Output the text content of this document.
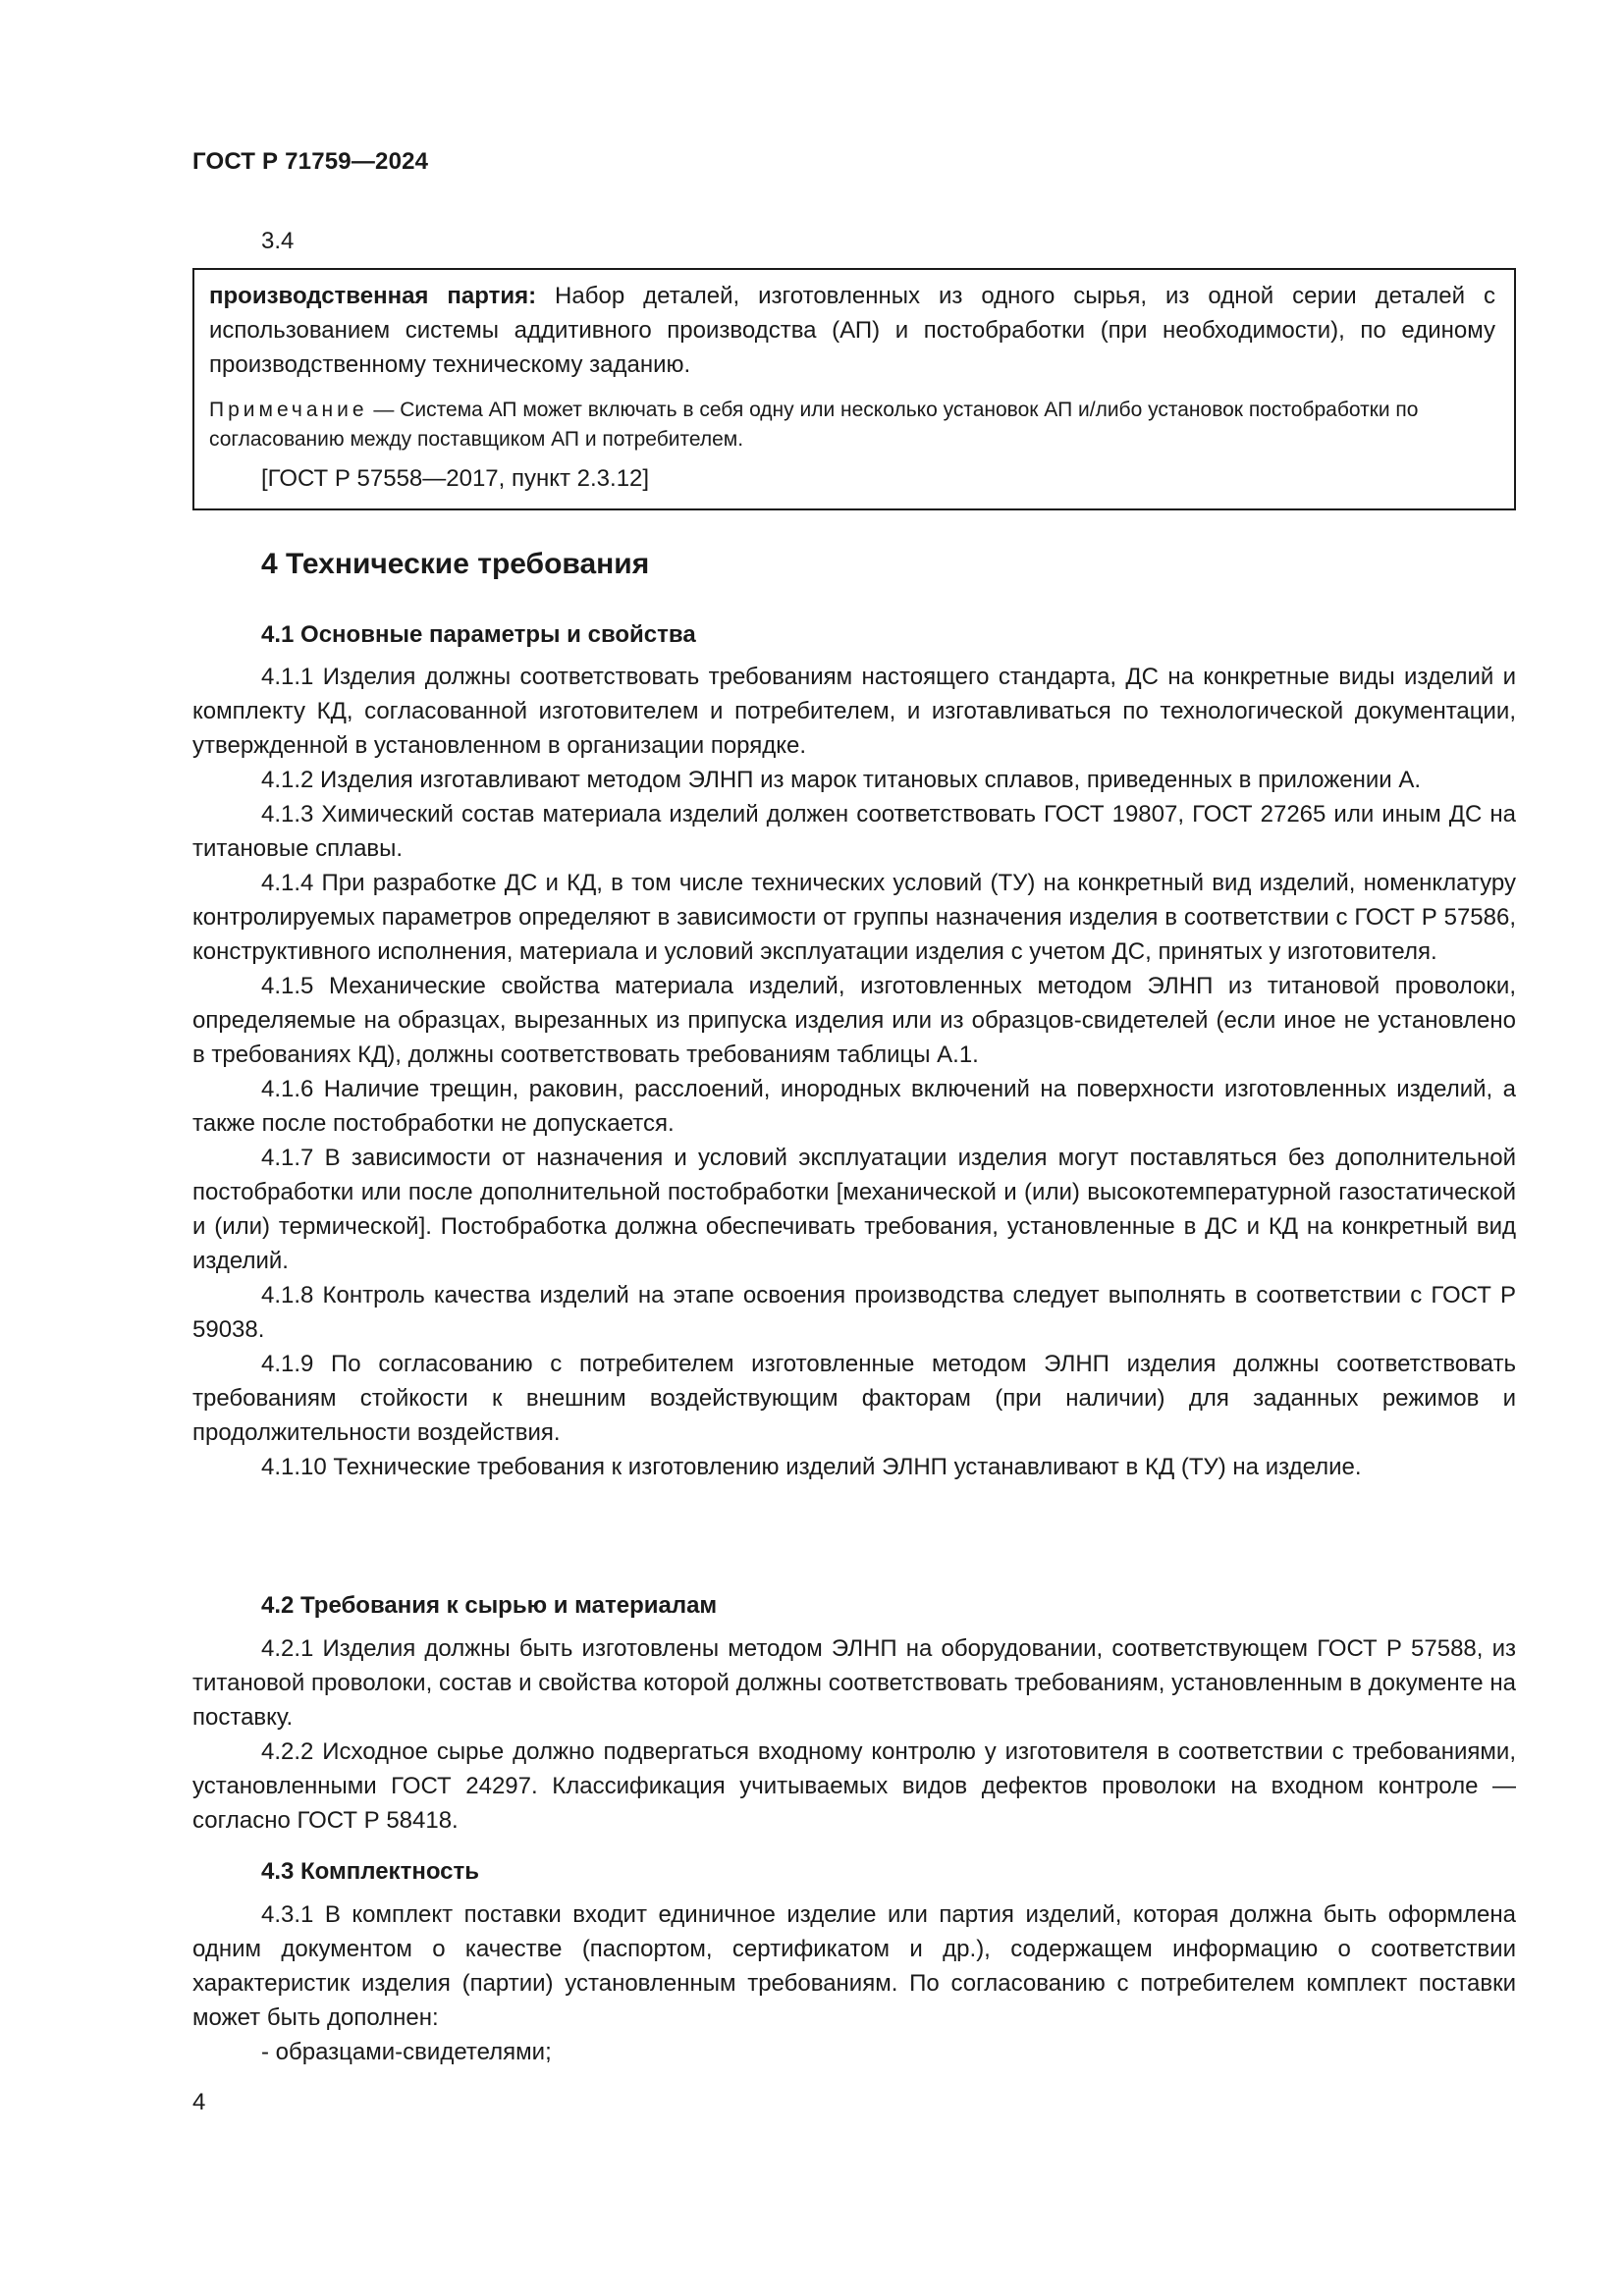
ГОСТ Р 71759—2024
3.4
производственная партия: Набор деталей, изготовленных из одного сырья, из одной серии деталей с использованием системы аддитивного производства (АП) и постобработки (при необходимости), по единому производственному техническому заданию.
Примечание — Система АП может включать в себя одну или несколько установок АП и/либо установок постобработки по согласованию между поставщиком АП и потребителем.
[ГОСТ Р 57558—2017, пункт 2.3.12]
4 Технические требования
4.1 Основные параметры и свойства

4.1.1 Изделия должны соответствовать требованиям настоящего стандарта, ДС на конкретные виды изделий и комплекту КД, согласованной изготовителем и потребителем, и изготавливаться по технологической документации, утвержденной в установленном в организации порядке.

4.1.2 Изделия изготавливают методом ЭЛНП из марок титановых сплавов, приведенных в приложении А.

4.1.3 Химический состав материала изделий должен соответствовать ГОСТ 19807, ГОСТ 27265 или иным ДС на титановые сплавы.

4.1.4 При разработке ДС и КД, в том числе технических условий (ТУ) на конкретный вид изделий, номенклатуру контролируемых параметров определяют в зависимости от группы назначения изделия в соответствии с ГОСТ Р 57586, конструктивного исполнения, материала и условий эксплуатации изделия с учетом ДС, принятых у изготовителя.

4.1.5 Механические свойства материала изделий, изготовленных методом ЭЛНП из титановой проволоки, определяемые на образцах, вырезанных из припуска изделия или из образцов-свидетелей (если иное не установлено в требованиях КД), должны соответствовать требованиям таблицы А.1.

4.1.6 Наличие трещин, раковин, расслоений, инородных включений на поверхности изготовленных изделий, а также после постобработки не допускается.

4.1.7 В зависимости от назначения и условий эксплуатации изделия могут поставляться без дополнительной постобработки или после дополнительной постобработки [механической и (или) высокотемпературной газостатической и (или) термической]. Постобработка должна обеспечивать требования, установленные в ДС и КД на конкретный вид изделий.

4.1.8 Контроль качества изделий на этапе освоения производства следует выполнять в соответствии с ГОСТ Р 59038.

4.1.9 По согласованию с потребителем изготовленные методом ЭЛНП изделия должны соответствовать требованиям стойкости к внешним воздействующим факторам (при наличии) для заданных режимов и продолжительности воздействия.

4.1.10 Технические требования к изготовлению изделий ЭЛНП устанавливают в КД (ТУ) на изделие.

4.2 Требования к сырью и материалам

4.2.1 Изделия должны быть изготовлены методом ЭЛНП на оборудовании, соответствующем ГОСТ Р 57588, из титановой проволоки, состав и свойства которой должны соответствовать требованиям, установленным в документе на поставку.

4.2.2 Исходное сырье должно подвергаться входному контролю у изготовителя в соответствии с требованиями, установленными ГОСТ 24297. Классификация учитываемых видов дефектов проволоки на входном контроле — согласно ГОСТ Р 58418.

4.3 Комплектность

4.3.1 В комплект поставки входит единичное изделие или партия изделий, которая должна быть оформлена одним документом о качестве (паспортом, сертификатом и др.), содержащем информацию о соответствии характеристик изделия (партии) установленным требованиям. По согласованию с потребителем комплект поставки может быть дополнен:

- образцами-свидетелями;

4
